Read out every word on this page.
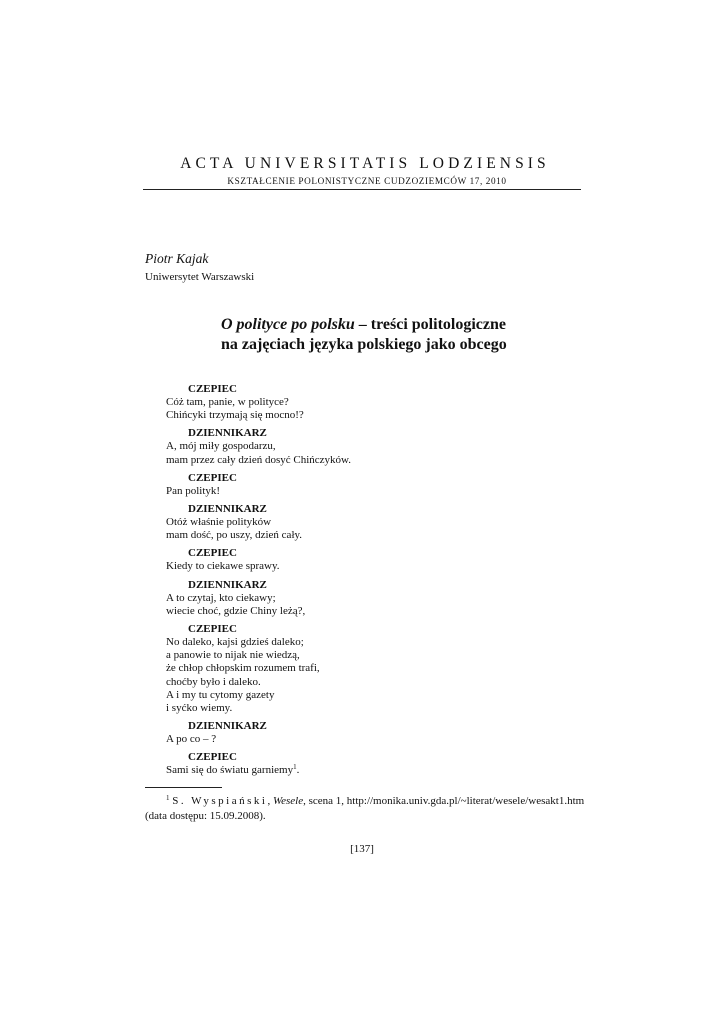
ACTA UNIVERSITATIS LODZIENSIS
KSZTAŁCENIE POLONISTYCZNE CUDZOZIEMCÓW 17, 2010
Piotr Kajak
Uniwersytet Warszawski
O polityce po polsku – treści politologiczne
na zajęciach języka polskiego jako obcego
CZEPIEC
Cóż tam, panie, w polityce?
Chińcyki trzymają się mocno!?
DZIENNIKARZ
A, mój miły gospodarzu,
mam przez cały dzień dosyć Chińczyków.
CZEPIEC
Pan polityk!
DZIENNIKARZ
Otóż właśnie polityków
mam dość, po uszy, dzień cały.
CZEPIEC
Kiedy to ciekawe sprawy.
DZIENNIKARZ
A to czytaj, kto ciekawy;
wiecie choć, gdzie Chiny leżą?,
CZEPIEC
No daleko, kajsi gdzieś daleko;
a panowie to nijak nie wiedzą,
że chłop chłopskim rozumem trafi,
choćby było i daleko.
A i my tu cytomy gazety
i syćko wiemy.
DZIENNIKARZ
A po co – ?
CZEPIEC
Sami się do światu garniemy$^1$.
$^1$ S. Wyspiański, Wesele, scena 1, http://monika.univ.gda.pl/~literat/wesele/wesakt1.htm
(data dostępu: 15.09.2008).
[137]
